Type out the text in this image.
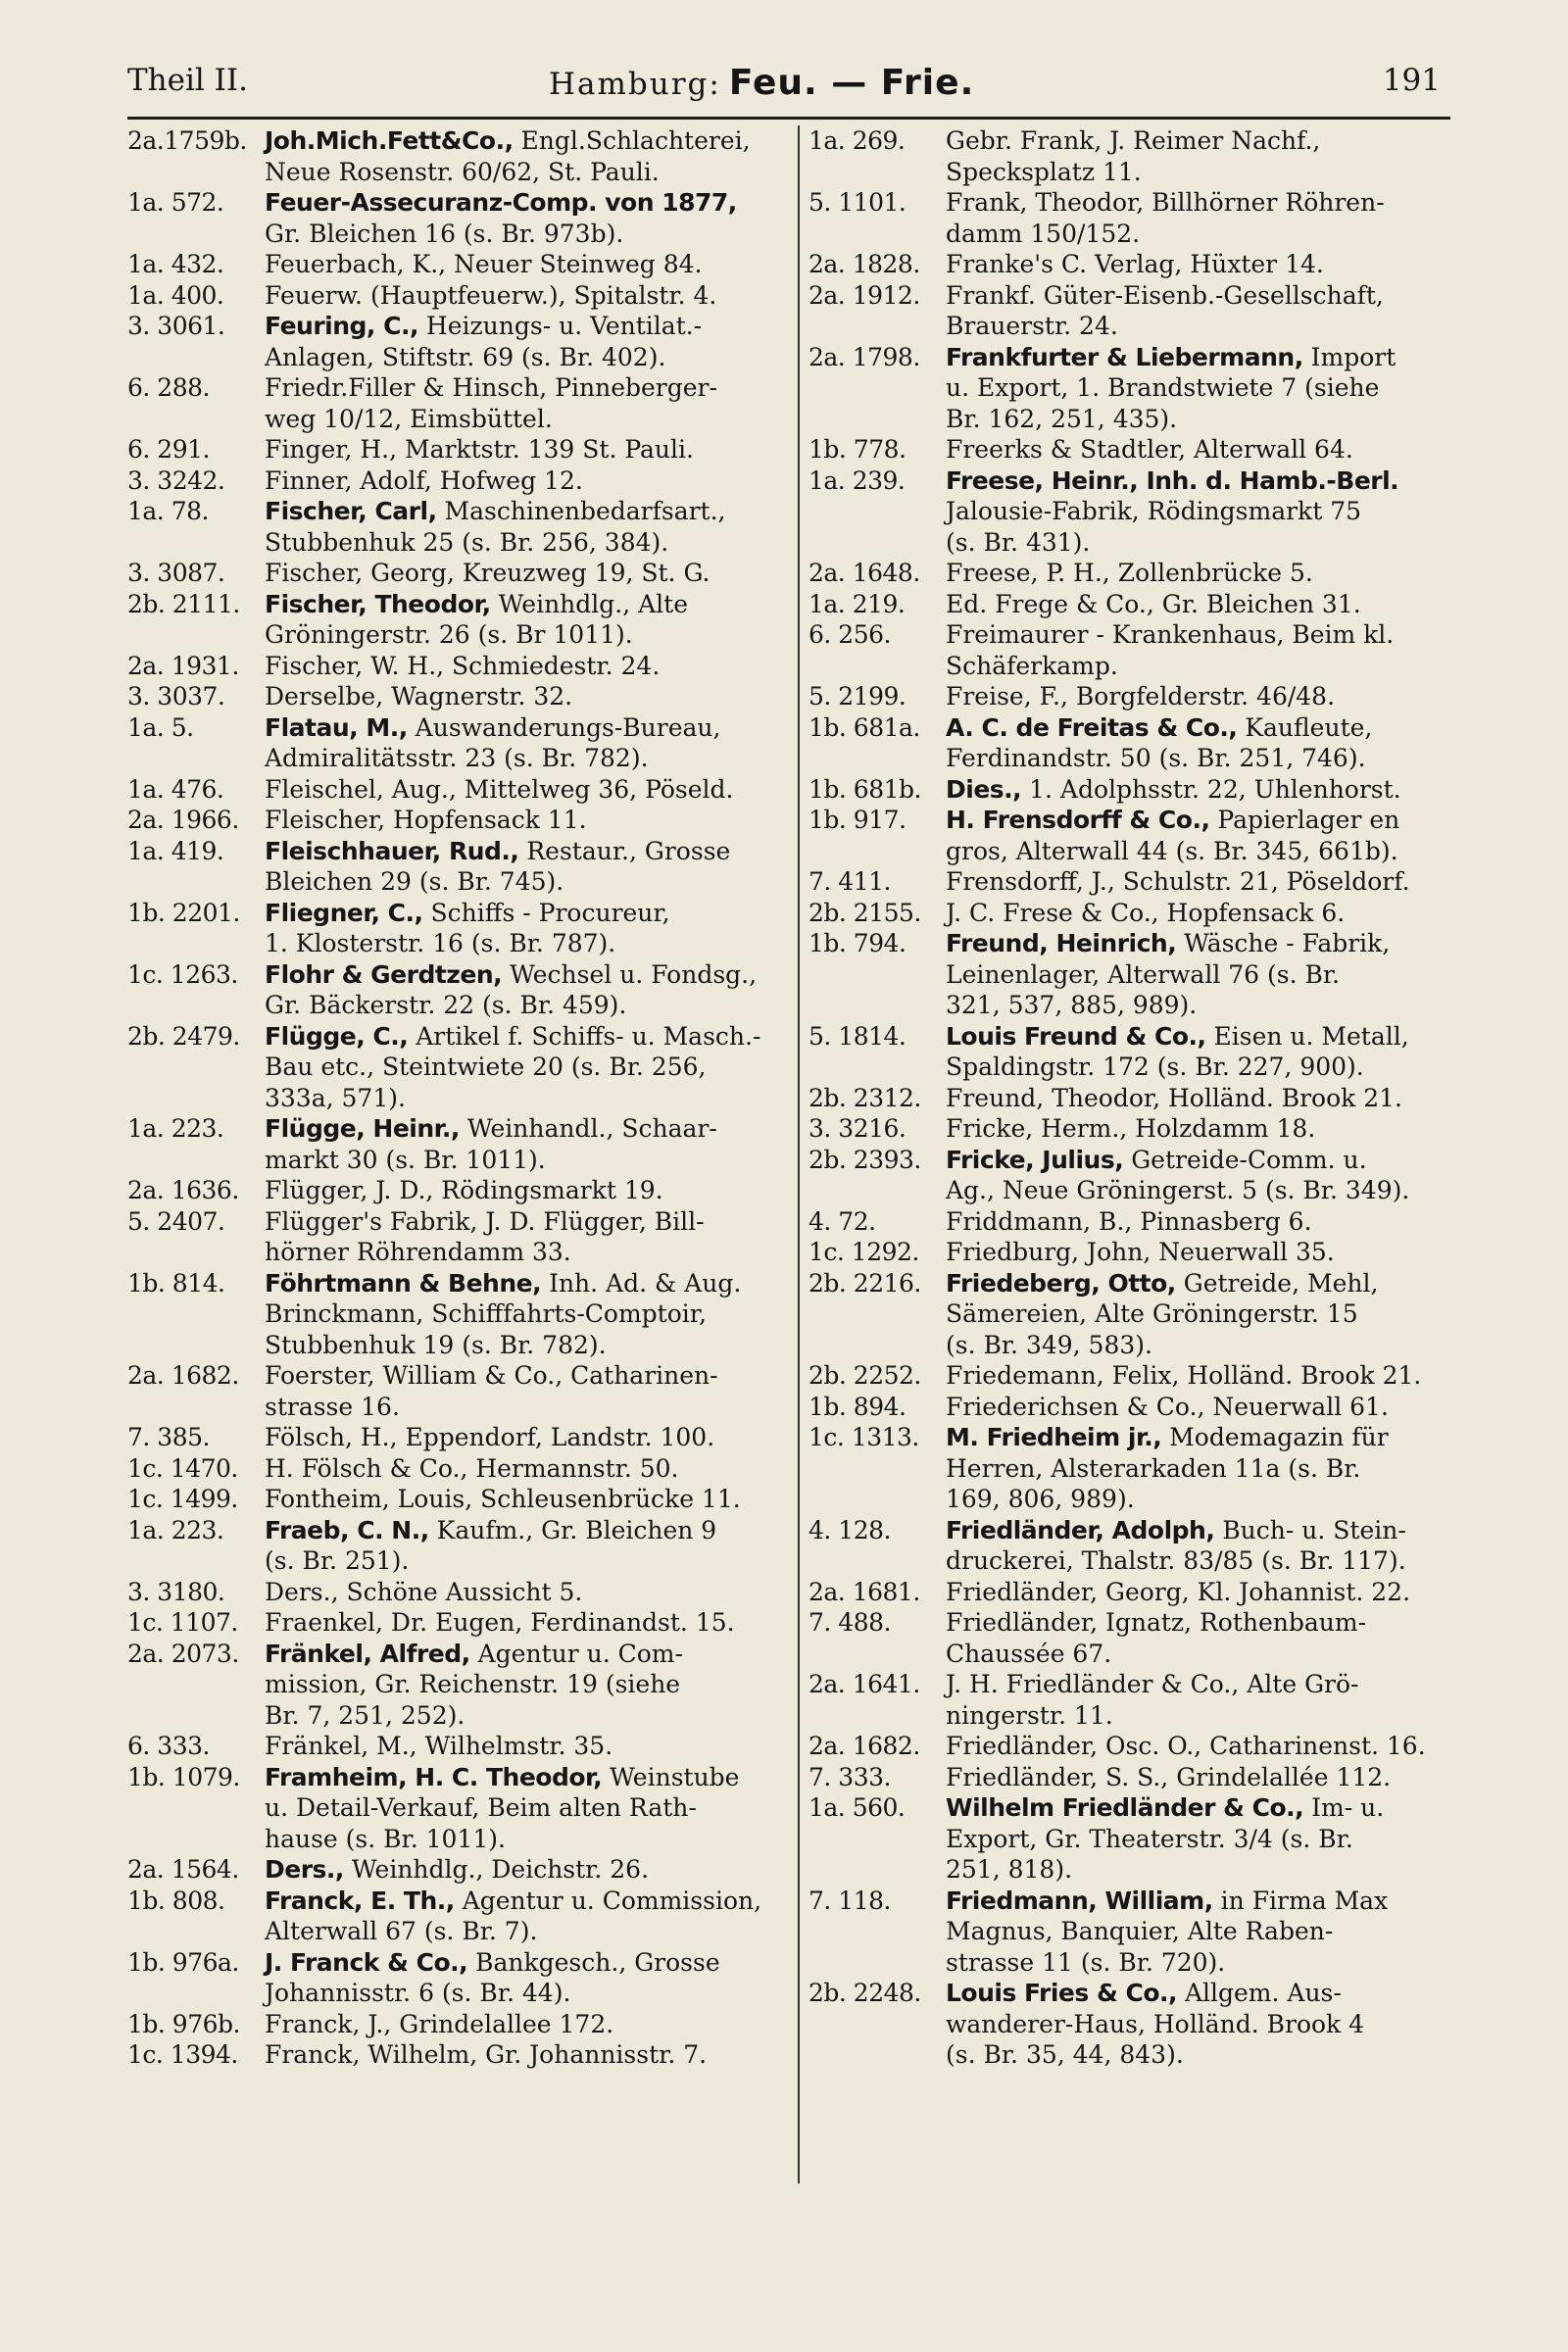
Theil II.	Hamburg: Feu. — Frie.	191
2a.1759b. Joh.Mich.Fett&Co., Engl.Schlachterei,
Neue Rosenstr. 60/62, St. Pauli.
1a. 572.	Feuer-Assecuranz-Comp. von 1877,
Gr. Bleichen 16 (s. Br. 973b).
1a. 432.	Feuerbach, K., Neuer Steinweg 84.
1a. 400.	Feuerw. (Hauptfeuerw.), Spitalstr. 4.
3. 3061.	Feuring, C., Heizungs- u. Ventilat.-
Anlagen, Stiftstr. 69 (s. Br. 402).
6. 288.	Friedr.Filler & Hinsch, Pinneberger-
weg 10/12, Eimsbüttel.
6. 291.	Finger, H., Marktstr. 139 St. Pauli.
3. 3242.	Finner, Adolf, Hofweg 12.
1a. 78.	Fischer, Carl, Maschinenbedarfsart.,
Stubbenhuk 25 (s. Br. 256, 384).
3. 3087.	Fischer, Georg, Kreuzweg 19, St. G.
2b. 2111.	Fischer, Theodor, Weinhdlg., Alte
Gröningerstr. 26 (s. Br 1011).
2a. 1931.	Fischer, W. H., Schmiedestr. 24.
3. 3037.	Derselbe, Wagnerstr. 32.
1a. 5.	Flatau, M., Auswanderungs-Bureau,
Admiralitätsstr. 23 (s. Br. 782).
1a. 476.	Fleischel, Aug., Mittelweg 36, Pöseld.
2a. 1966.	Fleischer, Hopfensack 11.
1a. 419.	Fleischhauer, Rud., Restaur., Grosse
Bleichen 29 (s. Br. 745).
1b. 2201.	Fliegner, C., Schiffs - Procureur,
1. Klosterstr. 16 (s. Br. 787).
1c. 1263.	Flohr & Gerdtzen, Wechsel u. Fondsg.,
Gr. Bäckerstr. 22 (s. Br. 459).
2b. 2479.	Flügge, C., Artikel f. Schiffs- u. Masch.-
Bau etc., Steintwiete 20 (s. Br. 256,
333a, 571).
1a. 223.	Flügge, Heinr., Weinhandl., Schaar-
markt 30 (s. Br. 1011).
2a. 1636.	Flügger, J. D., Rödingsmarkt 19.
5. 2407.	Flügger's Fabrik, J. D. Flügger, Bill-
hörner Röhrendamm 33.
1b. 814.	Föhrtmann & Behne, Inh. Ad. & Aug.
Brinckmann, Schifffahrts-Comptoir,
Stubbenhuk 19 (s. Br. 782).
2a. 1682.	Foerster, William & Co., Catharinen-
strasse 16.
7. 385.	Fölsch, H., Eppendorf, Landstr. 100.
1c. 1470.	H. Fölsch & Co., Hermannstr. 50.
1c. 1499.	Fontheim, Louis, Schleusenbrücke 11.
1a. 223.	Fraeb, C. N., Kaufm., Gr. Bleichen 9
(s. Br. 251).
3. 3180.	Ders., Schöne Aussicht 5.
1c. 1107.	Fraenkel, Dr. Eugen, Ferdinandst. 15.
2a. 2073.	Fränkel, Alfred, Agentur u. Com-
mission, Gr. Reichenstr. 19 (siehe
Br. 7, 251, 252).
6. 333.	Fränkel, M., Wilhelmstr. 35.
1b. 1079.	Framheim, H. C. Theodor, Weinstube
u. Detail-Verkauf, Beim alten Rath-
hause (s. Br. 1011).
2a. 1564.	Ders., Weinhdlg., Deichstr. 26.
1b. 808.	Franck, E. Th., Agentur u. Commission,
Alterwall 67 (s. Br. 7).
1b. 976a.	J. Franck & Co., Bankgesch., Grosse
Johannisstr. 6 (s. Br. 44).
1b. 976b.	Franck, J., Grindelallee 172.
1c. 1394.	Franck, Wilhelm, Gr. Johannisstr. 7.
1a. 269.	Gebr. Frank, J. Reimer Nachf.,
Specksplatz 11.
5. 1101.	Frank, Theodor, Billhörner Röhren-
damm 150/152.
2a. 1828.	Franke's C. Verlag, Hüxter 14.
2a. 1912.	Frankf. Güter-Eisenb.-Gesellschaft,
Brauerstr. 24.
2a. 1798.	Frankfurter & Liebermann, Import
u. Export, 1. Brandstwiete 7 (siehe
Br. 162, 251, 435).
1b. 778.	Freerks & Stadtler, Alterwall 64.
1a. 239.	Freese, Heinr., Inh. d. Hamb.-Berl.
Jalousie-Fabrik, Rödingsmarkt 75
(s. Br. 431).
2a. 1648.	Freese, P. H., Zollenbrücke 5.
1a. 219.	Ed. Frege & Co., Gr. Bleichen 31.
6. 256.	Freimaurer - Krankenhaus, Beim kl.
Schäferkamp.
5. 2199.	Freise, F., Borgfelderstr. 46/48.
1b. 681a.	A. C. de Freitas & Co., Kaufleute,
Ferdinandstr. 50 (s. Br. 251, 746).
1b. 681b.	Dies., 1. Adolphsstr. 22, Uhlenhorst.
1b. 917.	H. Frensdorff & Co., Papierlager en
gros, Alterwall 44 (s. Br. 345, 661b).
7. 411.	Frensdorff, J., Schulstr. 21, Pöseldorf.
2b. 2155.	J. C. Frese & Co., Hopfensack 6.
1b. 794.	Freund, Heinrich, Wäsche - Fabrik,
Leinenlager, Alterwall 76 (s. Br.
321, 537, 885, 989).
5. 1814.	Louis Freund & Co., Eisen u. Metall,
Spaldingstr. 172 (s. Br. 227, 900).
2b. 2312.	Freund, Theodor, Holländ. Brook 21.
3. 3216.	Fricke, Herm., Holzdamm 18.
2b. 2393.	Fricke, Julius, Getreide-Comm. u.
Ag., Neue Gröningerst. 5 (s. Br. 349).
4. 72.	Friddmann, B., Pinnasberg 6.
1c. 1292.	Friedburg, John, Neuerwall 35.
2b. 2216.	Friedeberg, Otto, Getreide, Mehl,
Sämereien, Alte Gröningerstr. 15
(s. Br. 349, 583).
2b. 2252.	Friedemann, Felix, Holländ. Brook 21.
1b. 894.	Friederichsen & Co., Neuerwall 61.
1c. 1313.	M. Friedheim jr., Modemagazin für
Herren, Alsterarkaden 11a (s. Br.
169, 806, 989).
4. 128.	Friedländer, Adolph, Buch- u. Stein-
druckerei, Thalstr. 83/85 (s. Br. 117).
2a. 1681.	Friedländer, Georg, Kl. Johannist. 22.
7. 488.	Friedländer, Ignatz, Rothenbaum-
Chaussée 67.
2a. 1641.	J. H. Friedländer & Co., Alte Grö-
ningerstr. 11.
2a. 1682.	Friedländer, Osc. O., Catharinenst. 16.
7. 333.	Friedländer, S. S., Grindelallée 112.
1a. 560.	Wilhelm Friedländer & Co., Im- u.
Export, Gr. Theaterstr. 3/4 (s. Br.
251, 818).
7. 118.	Friedmann, William, in Firma Max
Magnus, Banquier, Alte Raben-
strasse 11 (s. Br. 720).
2b. 2248.	Louis Fries & Co., Allgem. Aus-
wanderer-Haus, Holländ. Brook 4
(s. Br. 35, 44, 843).
